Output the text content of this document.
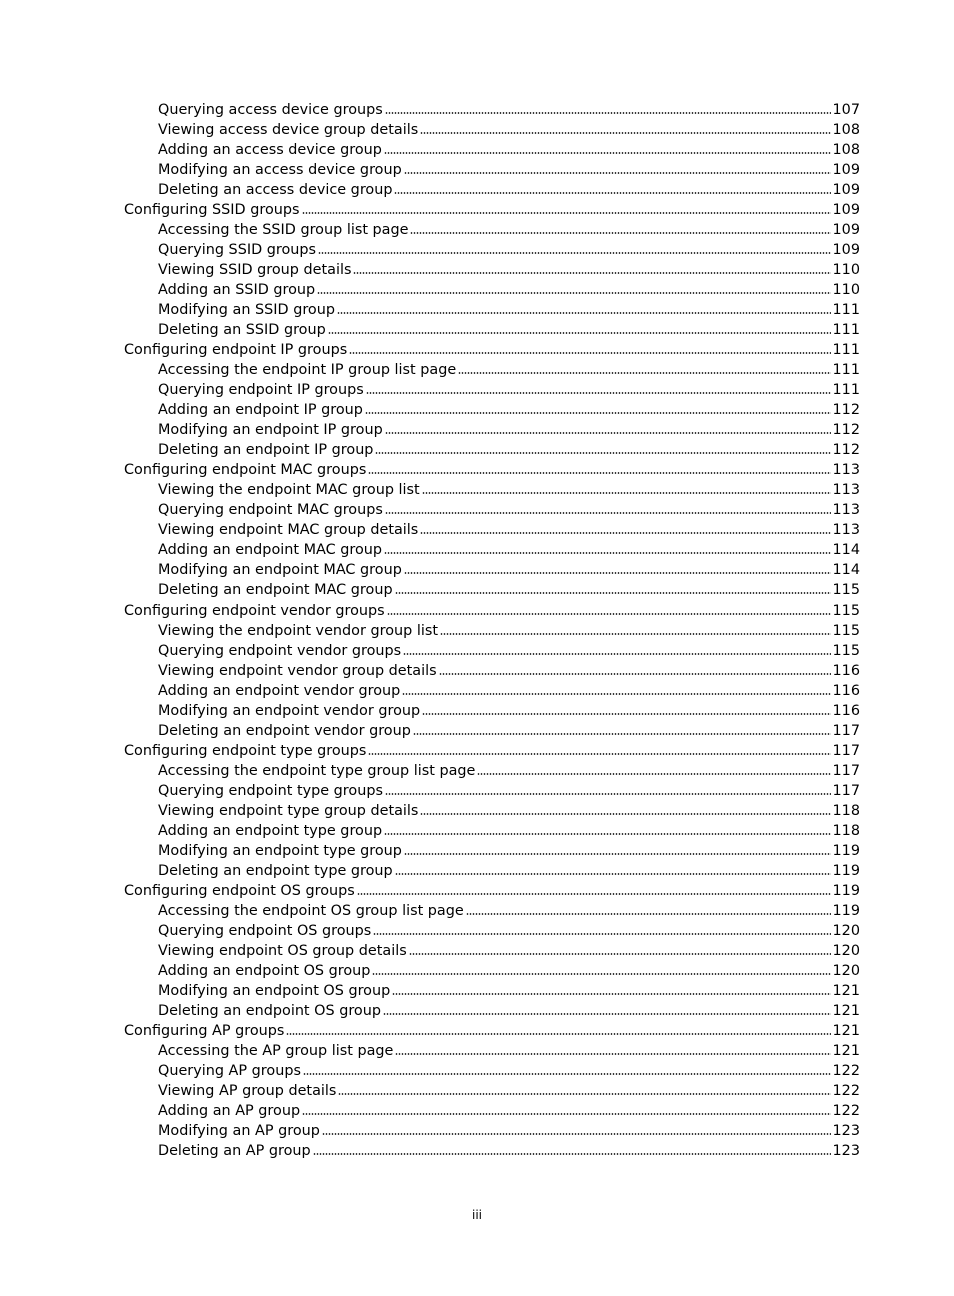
Querying access device groups	107
Viewing access device group details	108
Adding an access device group	108
Modifying an access device group	109
Deleting an access device group	109
Configuring SSID groups	109
Accessing the SSID group list page	109
Querying SSID groups	109
Viewing SSID group details	110
Adding an SSID group	110
Modifying an SSID group	111
Deleting an SSID group	111
Configuring endpoint IP groups	111
Accessing the endpoint IP group list page	111
Querying endpoint IP groups	111
Adding an endpoint IP group	112
Modifying an endpoint IP group	112
Deleting an endpoint IP group	112
Configuring endpoint MAC groups	113
Viewing the endpoint MAC group list	113
Querying endpoint MAC groups	113
Viewing endpoint MAC group details	113
Adding an endpoint MAC group	114
Modifying an endpoint MAC group	114
Deleting an endpoint MAC group	115
Configuring endpoint vendor groups	115
Viewing the endpoint vendor group list	115
Querying endpoint vendor groups	115
Viewing endpoint vendor group details	116
Adding an endpoint vendor group	116
Modifying an endpoint vendor group	116
Deleting an endpoint vendor group	117
Configuring endpoint type groups	117
Accessing the endpoint type group list page	117
Querying endpoint type groups	117
Viewing endpoint type group details	118
Adding an endpoint type group	118
Modifying an endpoint type group	119
Deleting an endpoint type group	119
Configuring endpoint OS groups	119
Accessing the endpoint OS group list page	119
Querying endpoint OS groups	120
Viewing endpoint OS group details	120
Adding an endpoint OS group	120
Modifying an endpoint OS group	121
Deleting an endpoint OS group	121
Configuring AP groups	121
Accessing the AP group list page	121
Querying AP groups	122
Viewing AP group details	122
Adding an AP group	122
Modifying an AP group	123
Deleting an AP group	123
iii
